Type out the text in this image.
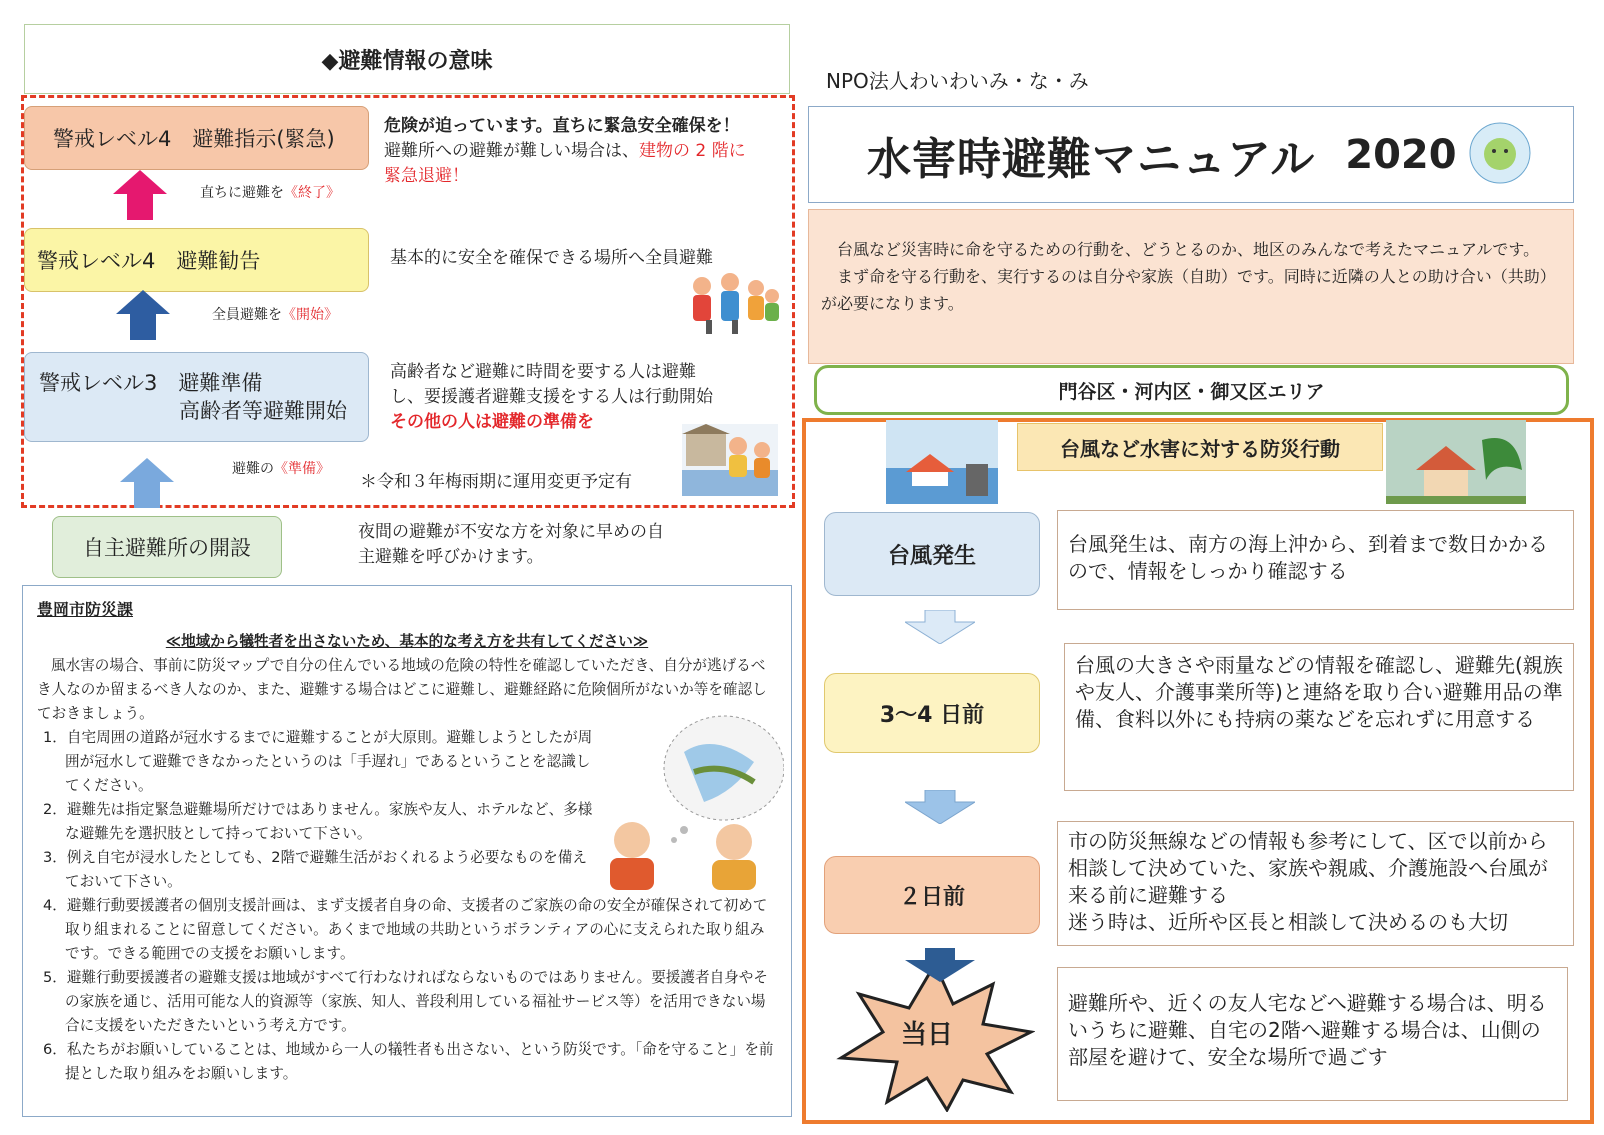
◆避難情報の意味
警戒レベル4　避難指示(緊急)
警戒レベル4　避難勧告
警戒レベル3　避難準備
高齢者等避難開始
自主避難所の開設
直ちに避難を《終了》
全員避難を《開始》
避難の《準備》
危険が迫っています。直ちに緊急安全確保を！
避難所への避難が難しい場合は、建物の 2 階に
緊急退避！
基本的に安全を確保できる場所へ全員避難
高齢者など避難に時間を要する人は避難
し、要援護者避難支援をする人は行動開始
その他の人は避難の準備を
＊令和３年梅雨期に運用変更予定有
夜間の避難が不安な方を対象に早めの自
主避難を呼びかけます。
豊岡市防災課
≪地域から犠牲者を出さないため、基本的な考え方を共有してください≫

風水害の場合、事前に防災マップで自分の住んでいる地域の危険の特性を確認していただき、自分が逃げるべき人なのか留まるべき人なのか、また、避難する場合はどこに避難し、避難経路に危険個所がないか等を確認しておきましょう。

1．自宅周囲の道路が冠水するまでに避難することが大原則。避難しようとしたが周囲が冠水して避難できなかったというのは「手遅れ」であるということを認識してください。

2．避難先は指定緊急避難場所だけではありません。家族や友人、ホテルなど、多様な避難先を選択肢として持っておいて下さい。

3．例え自宅が浸水したとしても、2階で避難生活がおくれるよう必要なものを備えておいて下さい。

4．避難行動要援護者の個別支援計画は、まず支援者自身の命、支援者のご家族の命の安全が確保されて初めて取り組まれることに留意してください。あくまで地域の共助というボランティアの心に支えられた取り組みです。できる範囲での支援をお願いします。

5．避難行動要援護者の避難支援は地域がすべて行わなければならないものではありません。要援護者自身やその家族を通じ、活用可能な人的資源等（家族、知人、普段利用している福祉サービス等）を活用できない場合に支援をいただきたいという考え方です。

6．私たちがお願いしていることは、地域から一人の犠牲者も出さない、という防災です。「命を守ること」を前提とした取り組みをお願いします。

NPO法人わいわいみ・な・み
水害時避難マニュアル 2020

台風など災害時に命を守るための行動を、どうとるのか、地区のみんなで考えたマニュアルです。

まず命を守る行動を、実行するのは自分や家族（自助）です。同時に近隣の人との助け合い（共助）が必要になります。

門谷区・河内区・御又区エリア
台風など水害に対する防災行動
台風発生
3～4 日前
２日前
当日
台風発生は、南方の海上沖から、到着まで数日かかるので、情報をしっかり確認する
台風の大きさや雨量などの情報を確認し、避難先(親族や友人、介護事業所等)と連絡を取り合い避難用品の準備、食料以外にも持病の薬などを忘れずに用意する
市の防災無線などの情報も参考にして、区で以前から相談して決めていた、家族や親戚、介護施設へ台風が来る前に避難する
迷う時は、近所や区長と相談して決めるのも大切
避難所や、近くの友人宅などへ避難する場合は、明るいうちに避難、自宅の2階へ避難する場合は、山側の部屋を避けて、安全な場所で過ごす
